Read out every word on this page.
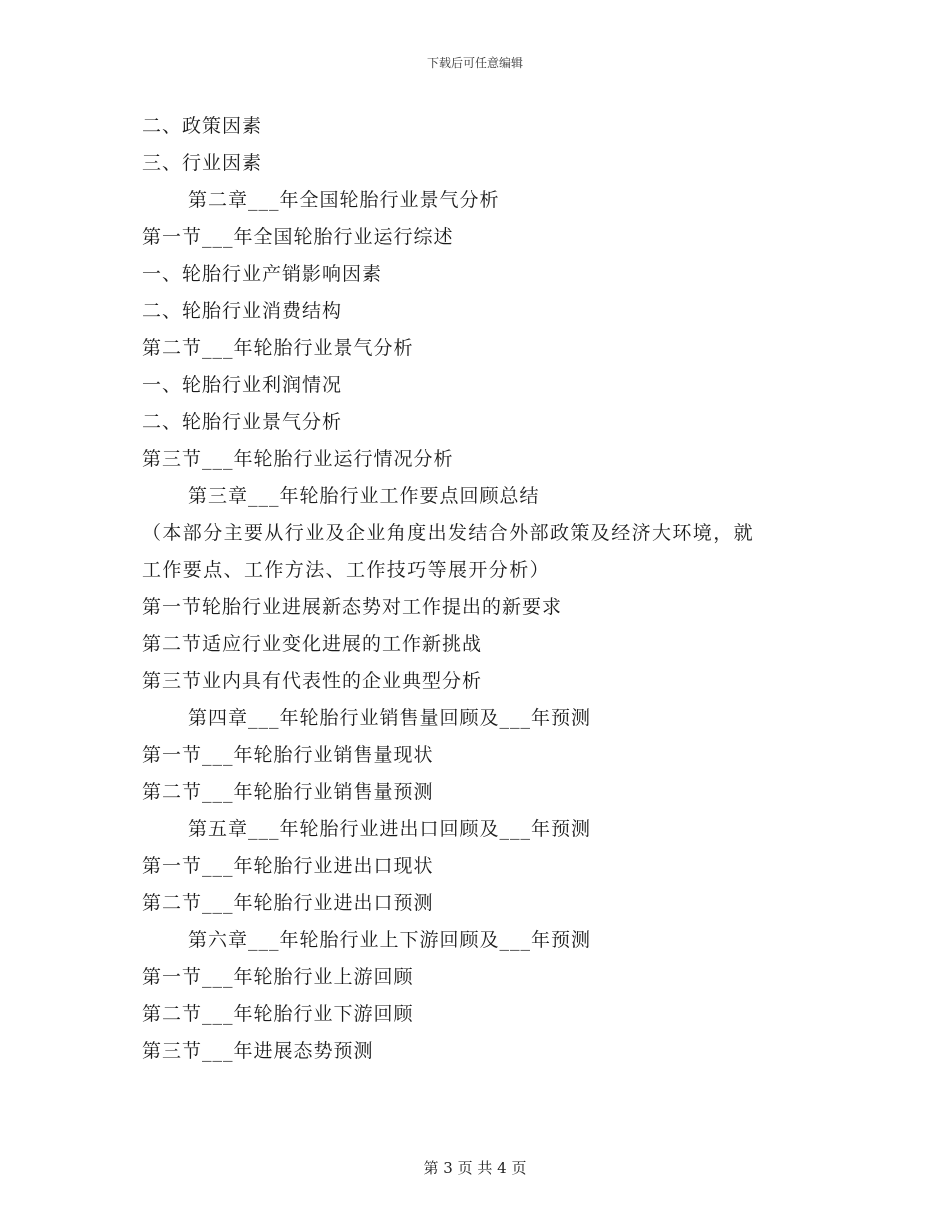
下载后可任意编辑
二、政策因素
三、行业因素
第二章___年全国轮胎行业景气分析
第一节___年全国轮胎行业运行综述
一、轮胎行业产销影响因素
二、轮胎行业消费结构
第二节___年轮胎行业景气分析
一、轮胎行业利润情况
二、轮胎行业景气分析
第三节___年轮胎行业运行情况分析
第三章___年轮胎行业工作要点回顾总结
（本部分主要从行业及企业角度出发结合外部政策及经济大环境，就
工作要点、工作方法、工作技巧等展开分析）
第一节轮胎行业进展新态势对工作提出的新要求
第二节适应行业变化进展的工作新挑战
第三节业内具有代表性的企业典型分析
第四章___年轮胎行业销售量回顾及___年预测
第一节___年轮胎行业销售量现状
第二节___年轮胎行业销售量预测
第五章___年轮胎行业进出口回顾及___年预测
第一节___年轮胎行业进出口现状
第二节___年轮胎行业进出口预测
第六章___年轮胎行业上下游回顾及___年预测
第一节___年轮胎行业上游回顾
第二节___年轮胎行业下游回顾
第三节___年进展态势预测
第 3 页 共 4 页
